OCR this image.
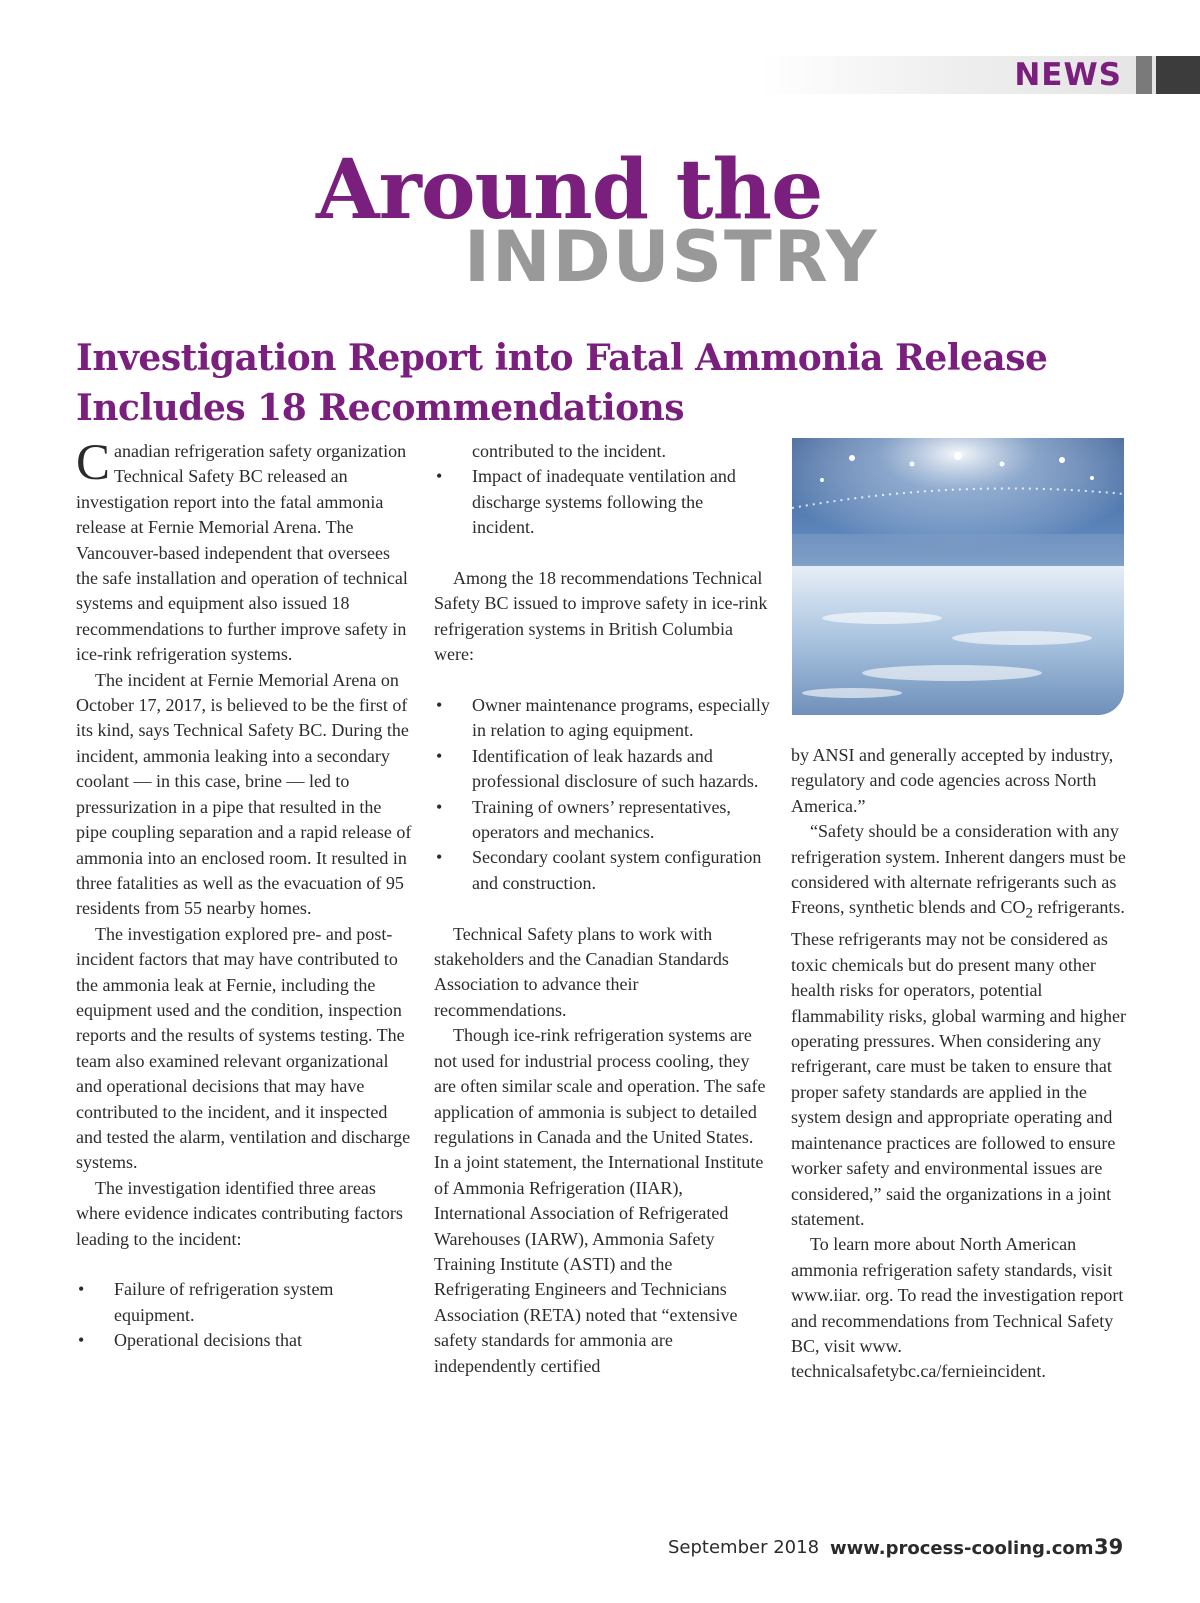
NEWS
Around the
INDUSTRY
Investigation Report into Fatal Ammonia Release
Includes 18 Recommendations

Canadian refrigeration safety organization Technical Safety BC released an investigation report into the fatal ammonia release at Fernie Memorial Arena. The Vancouver-based independent that oversees the safe installation and operation of technical systems and equipment also issued 18 recommendations to further improve safety in ice-rink refrigeration systems.

The incident at Fernie Memorial Arena on October 17, 2017, is believed to be the first of its kind, says Technical Safety BC. During the incident, ammonia leaking into a secondary coolant — in this case, brine — led to pressurization in a pipe that resulted in the pipe coupling separation and a rapid release of ammonia into an enclosed room. It resulted in three fatalities as well as the evacuation of 95 residents from 55 nearby homes.

The investigation explored pre- and post-incident factors that may have contributed to the ammonia leak at Fernie, including the equipment used and the condition, inspection reports and the results of systems testing. The team also examined relevant organizational and operational decisions that may have contributed to the incident, and it inspected and tested the alarm, ventilation and discharge systems.

The investigation identified three areas where evidence indicates contributing factors leading to the incident:

• Failure of refrigeration system equipment.

• Operational decisions that

contributed to the incident.

• Impact of inadequate ventilation and discharge systems following the incident.

Among the 18 recommendations Technical Safety BC issued to improve safety in ice-rink refrigeration systems in British Columbia were:

• Owner maintenance programs, especially in relation to aging equipment.

• Identification of leak hazards and professional disclosure of such hazards.

• Training of owners’ representatives, operators and mechanics.

• Secondary coolant system configuration and construction.

Technical Safety plans to work with stakeholders and the Canadian Standards Association to advance their recommendations.

Though ice-rink refrigeration systems are not used for industrial process cooling, they are often similar scale and operation. The safe application of ammonia is subject to detailed regulations in Canada and the United States. In a joint statement, the International Institute of Ammonia Refrigeration (IIAR), International Association of Refrigerated Warehouses (IARW), Ammonia Safety Training Institute (ASTI) and the Refrigerating Engineers and Technicians Association (RETA) noted that “extensive safety standards for ammonia are independently certified

by ANSI and generally accepted by industry, regulatory and code agencies across North America.”

“Safety should be a consideration with any refrigeration system. Inherent dangers must be considered with alternate refrigerants such as Freons, synthetic blends and $CO_2$ refrigerants. These refrigerants may not be considered as toxic chemicals but do present many other health risks for operators, potential flammability risks, global warming and higher operating pressures. When considering any refrigerant, care must be taken to ensure that proper safety standards are applied in the system design and appropriate operating and maintenance practices are followed to ensure worker safety and environmental issues are considered,” said the organizations in a joint statement.

To learn more about North American ammonia refrigeration safety standards, visit www.iiar. org. To read the investigation report and recommendations from Technical Safety BC, visit www. technicalsafetybc.ca/fernieincident.

September 2018 www.process-cooling.com 39
